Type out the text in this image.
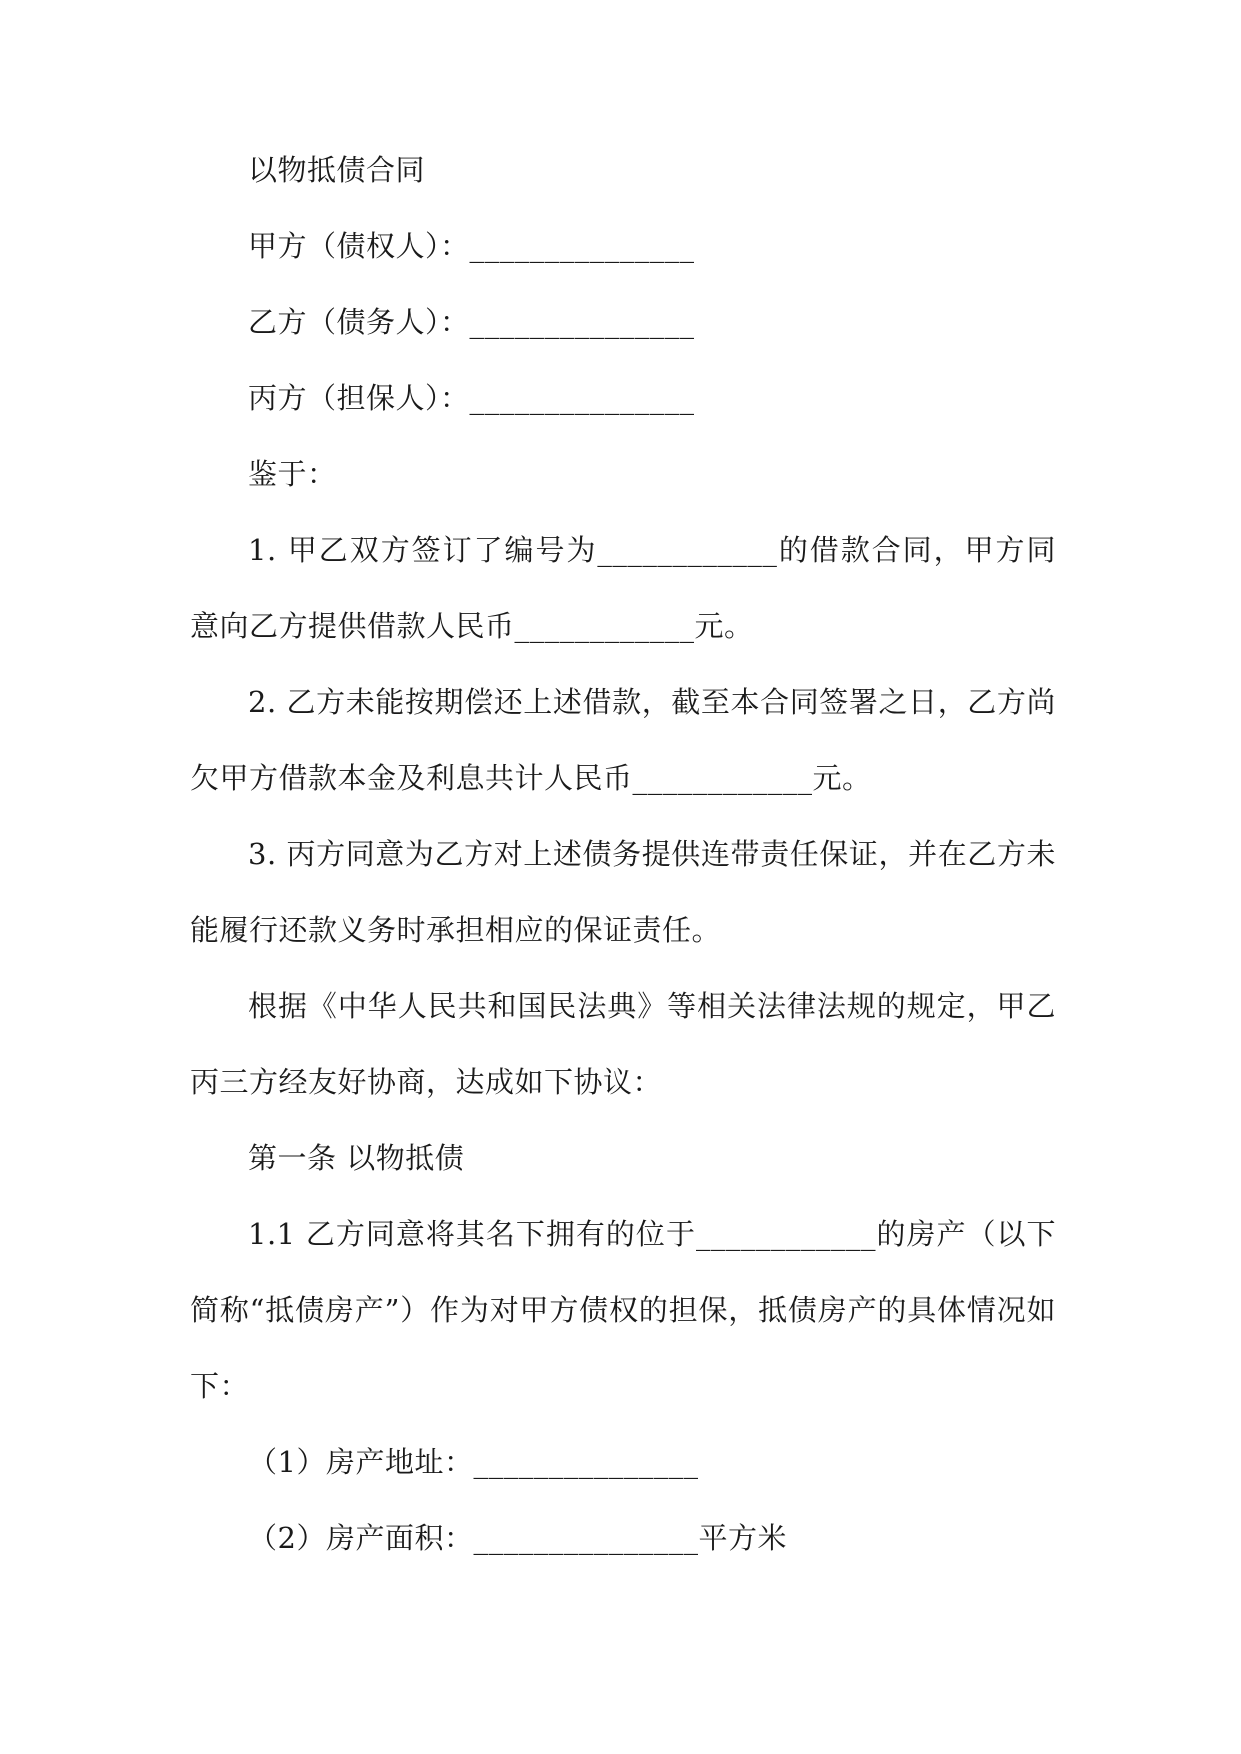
以物抵债合同

甲方（债权人）：_______________

乙方（债务人）：_______________

丙方（担保人）：_______________

鉴于：

1. 甲乙双方签订了编号为____________的借款合同，甲方同意向乙方提供借款人民币____________元。

2. 乙方未能按期偿还上述借款，截至本合同签署之日，乙方尚欠甲方借款本金及利息共计人民币____________元。

3. 丙方同意为乙方对上述债务提供连带责任保证，并在乙方未能履行还款义务时承担相应的保证责任。

根据《中华人民共和国民法典》等相关法律法规的规定，甲乙丙三方经友好协商，达成如下协议：

第一条 以物抵债

1.1 乙方同意将其名下拥有的位于____________的房产（以下简称“抵债房产”）作为对甲方债权的担保，抵债房产的具体情况如下：

（1）房产地址：_______________

（2）房产面积：_______________平方米
